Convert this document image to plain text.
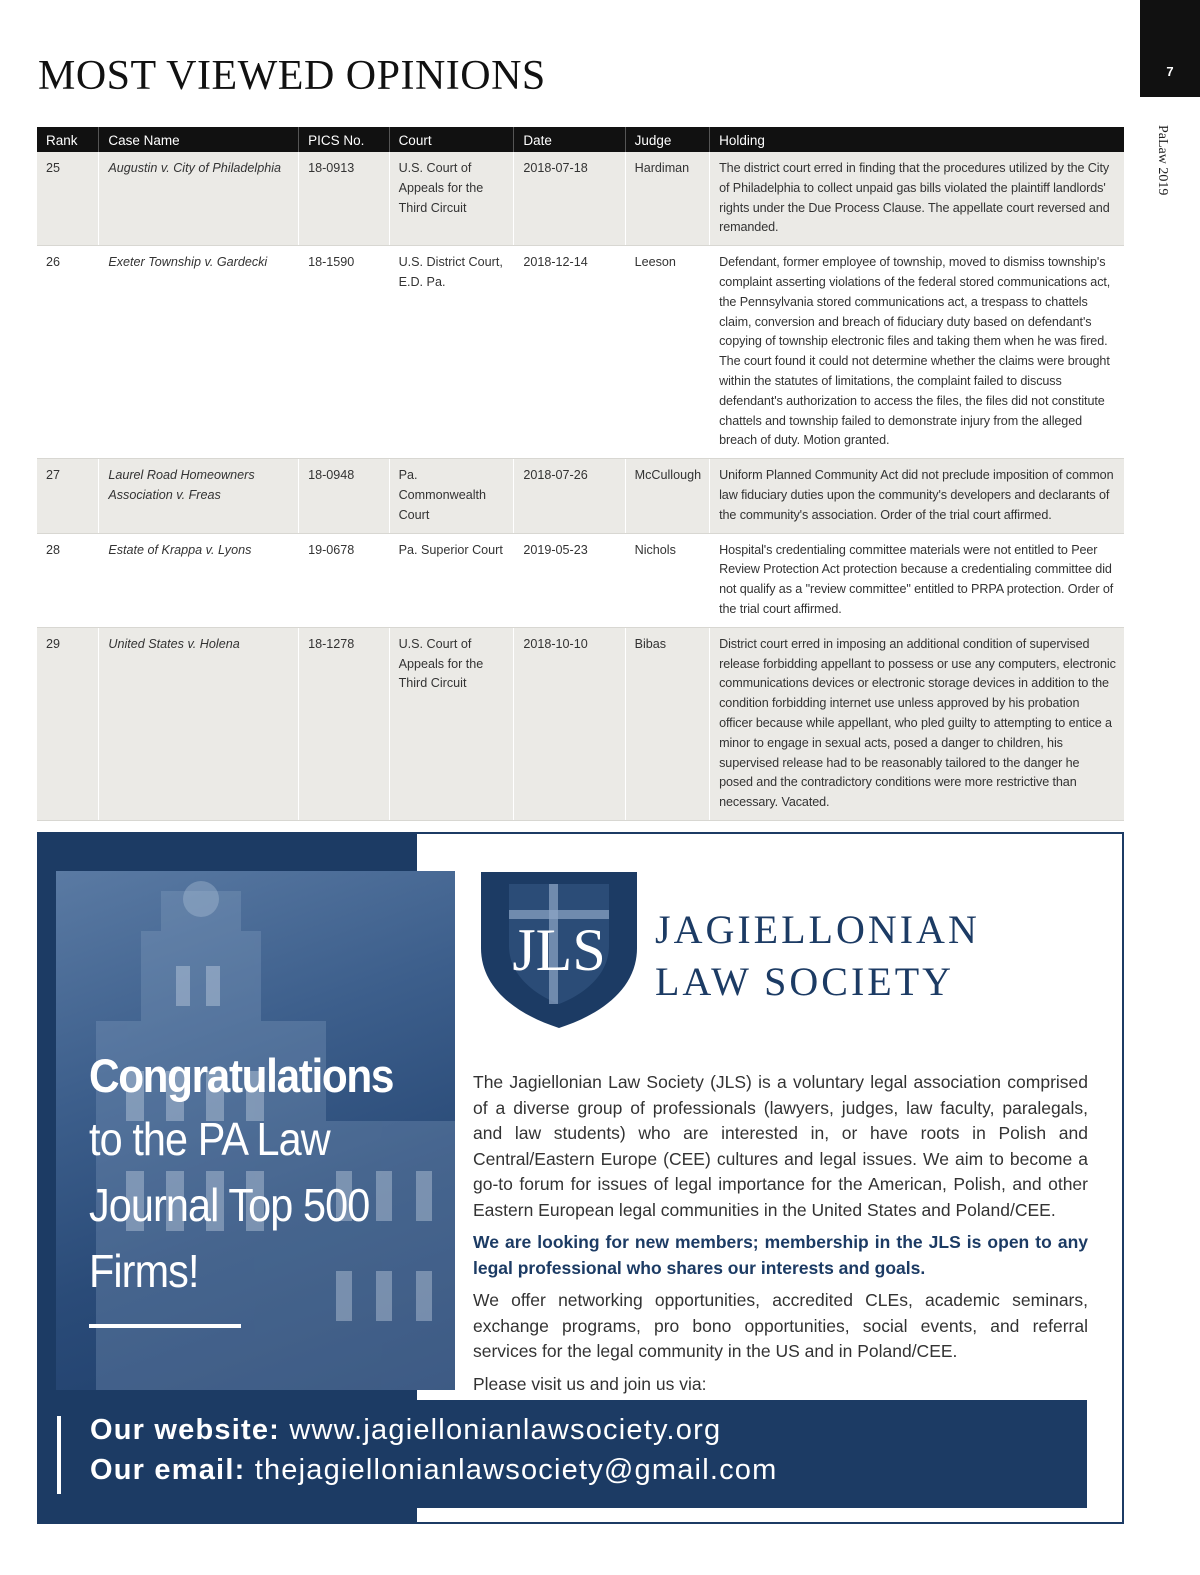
7
PaLaw 2019
MOST VIEWED OPINIONS
Rank	Case Name	PICS No.	Court	Date	Judge	Holding
25	Augustin v. City of Philadelphia	18-0913	U.S. Court of Appeals for the Third Circuit	2018-07-18	Hardiman	The district court erred in finding that the procedures utilized by the City of Philadelphia to collect unpaid gas bills violated the plaintiff landlords' rights under the Due Process Clause. The appellate court reversed and remanded.
26	Exeter Township v. Gardecki	18-1590	U.S. District Court, E.D. Pa.	2018-12-14	Leeson	Defendant, former employee of township, moved to dismiss township's complaint asserting violations of the federal stored communications act, the Pennsylvania stored communications act, a trespass to chattels claim, conversion and breach of fiduciary duty based on defendant's copying of township electronic files and taking them when he was fired. The court found it could not determine whether the claims were brought within the statutes of limitations, the complaint failed to discuss defendant's authorization to access the files, the files did not constitute chattels and township failed to demonstrate injury from the alleged breach of duty. Motion granted.
27	Laurel Road Homeowners Association v. Freas	18-0948	Pa. Commonwealth Court	2018-07-26	McCullough	Uniform Planned Community Act did not preclude imposition of common law fiduciary duties upon the community's developers and declarants of the community's association. Order of the trial court affirmed.
28	Estate of Krappa v. Lyons	19-0678	Pa. Superior Court	2019-05-23	Nichols	Hospital's credentialing committee materials were not entitled to Peer Review Protection Act protection because a credentialing committee did not qualify as a "review committee" entitled to PRPA protection. Order of the trial court affirmed.
29	United States v. Holena	18-1278	U.S. Court of Appeals for the Third Circuit	2018-10-10	Bibas	District court erred in imposing an additional condition of supervised release forbidding appellant to possess or use any computers, electronic communications devices or electronic storage devices in addition to the condition forbidding internet use unless approved by his probation officer because while appellant, who pled guilty to attempting to entice a minor to engage in sexual acts, posed a danger to children, his supervised release had to be reasonably tailored to the danger he posed and the contradictory conditions were more restrictive than necessary. Vacated.
Congratulations
to the PA Law
Journal Top 500
Firms!
JLS JAGIELLONIAN
LAW SOCIETY

The Jagiellonian Law Society (JLS) is a voluntary legal association comprised of a diverse group of professionals (lawyers, judges, law faculty, paralegals, and law students) who are interested in, or have roots in Polish and Central/Eastern Europe (CEE) cultures and legal issues. We aim to become a go-to forum for issues of legal importance for the American, Polish, and other Eastern European legal communities in the United States and Poland/CEE.

We are looking for new members; membership in the JLS is open to any legal professional who shares our interests and goals.

We offer networking opportunities, accredited CLEs, academic seminars, exchange programs, pro bono opportunities, social events, and referral services for the legal community in the US and in Poland/CEE.

Please visit us and join us via:

Our website: www.jagiellonianlawsociety.org
Our email: thejagiellonianlawsociety@gmail.com
